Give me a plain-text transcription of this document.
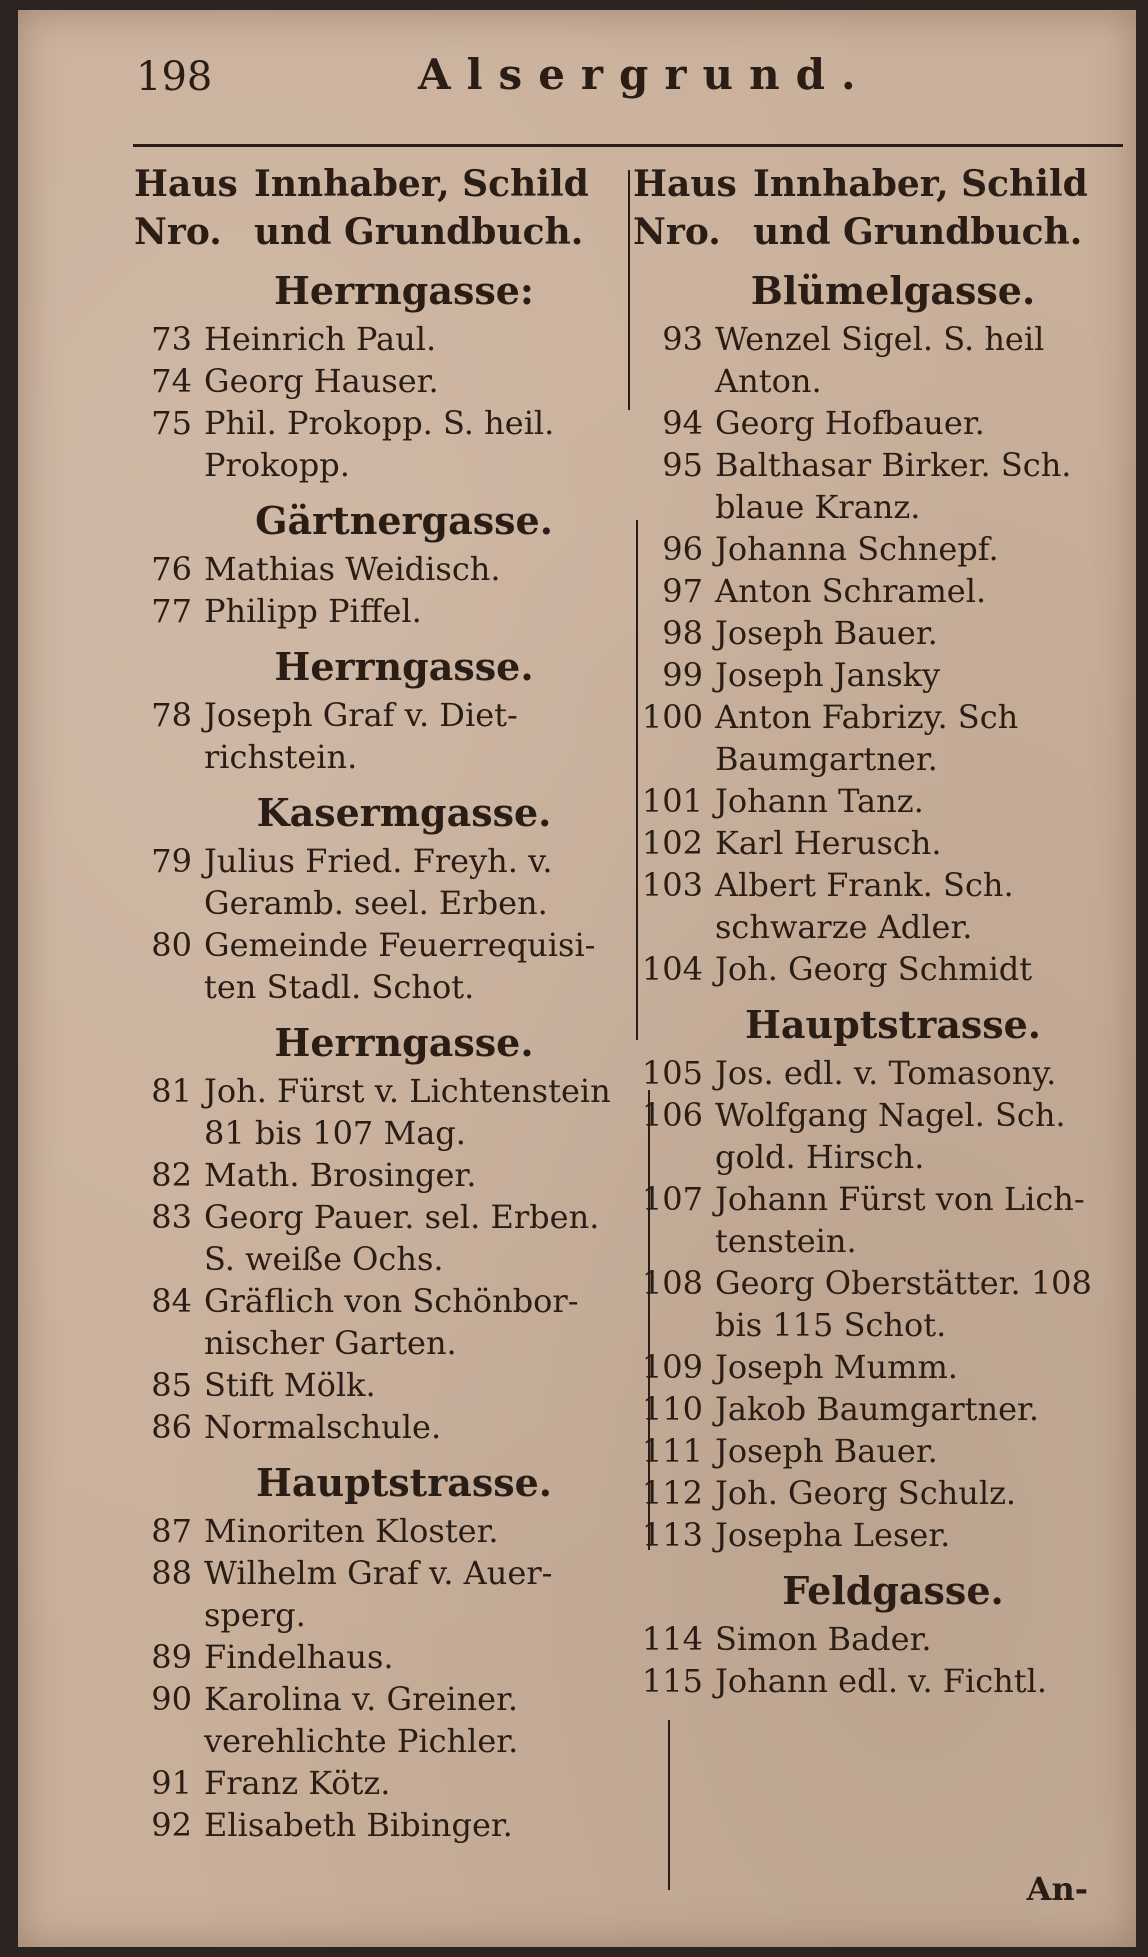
198	Alsergrund.
Haus Innhaber, Schild
Nro. und Grundbuch.
Herrngasse:
73 Heinrich Paul.
74 Georg Hauser.
75 Phil. Prokopp. S. heil. Prokopp.
Gärtnergasse.
76 Mathias Weidisch.
77 Philipp Piffel.
Herrngasse.
78 Joseph Graf v. Diet- richstein.
Kasermgasse.
79 Julius Fried. Freyh. v. Geramb. seel. Erben.
80 Gemeinde Feuerrequisi- ten Stadl. Schot.
Herrngasse.
81 Joh. Fürst v. Lichtenstein 81 bis 107 Mag.
82 Math. Brosinger.
83 Georg Pauer. sel. Erben. S. weiße Ochs.
84 Gräflich von Schönbor- nischer Garten.
85 Stift Mölk.
86 Normalschule.
Hauptstrasse.
87 Minoriten Kloster.
88 Wilhelm Graf v. Auer- sperg.
89 Findelhaus.
90 Karolina v. Greiner. verehlichte Pichler.
91 Franz Kötz.
92 Elisabeth Bibinger.
Haus Innhaber, Schild
Nro. und Grundbuch.
Blümelgasse.
93 Wenzel Sigel. S. heil Anton.
94 Georg Hofbauer.
95 Balthasar Birker. Sch. blaue Kranz.
96 Johanna Schnepf.
97 Anton Schramel.
98 Joseph Bauer.
99 Joseph Jansky
100 Anton Fabrizy. Sch Baumgartner.
101 Johann Tanz.
102 Karl Herusch.
103 Albert Frank. Sch. schwarze Adler.
104 Joh. Georg Schmidt
Hauptstrasse.
105 Jos. edl. v. Tomasony.
106 Wolfgang Nagel. Sch. gold. Hirsch.
107 Johann Fürst von Lich- tenstein.
108 Georg Oberstätter. 108 bis 115 Schot.
109 Joseph Mumm.
110 Jakob Baumgartner.
111 Joseph Bauer.
112 Joh. Georg Schulz.
113 Josepha Leser.
Feldgasse.
114 Simon Bader.
115 Johann edl. v. Fichtl.
An-
